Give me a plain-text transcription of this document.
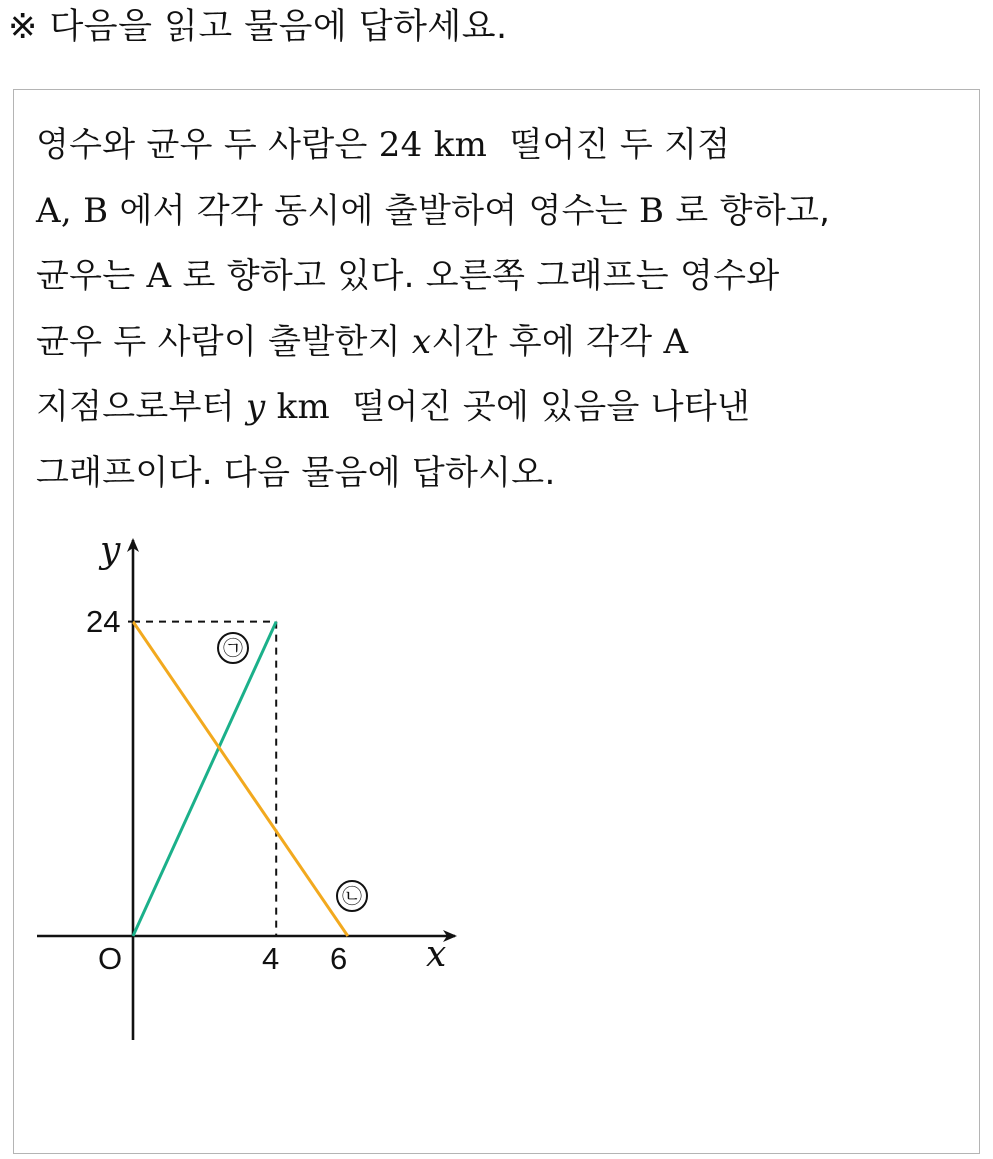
※ 다음을 읽고 물음에 답하세요.
영수와 균우 두 사람은 24 km  떨어진 두 지점
A, B 에서 각각 동시에 출발하여 영수는 B 로 향하고,
균우는 A 로 향하고 있다. 오른쪽 그래프는 영수와
균우 두 사람이 출발한지 x시간 후에 각각 A
지점으로부터 y km  떨어진 곳에 있음을 나타낸
그래프이다. 다음 물음에 답하시오.
y
x
O
24
4 6
㉠
㉡
